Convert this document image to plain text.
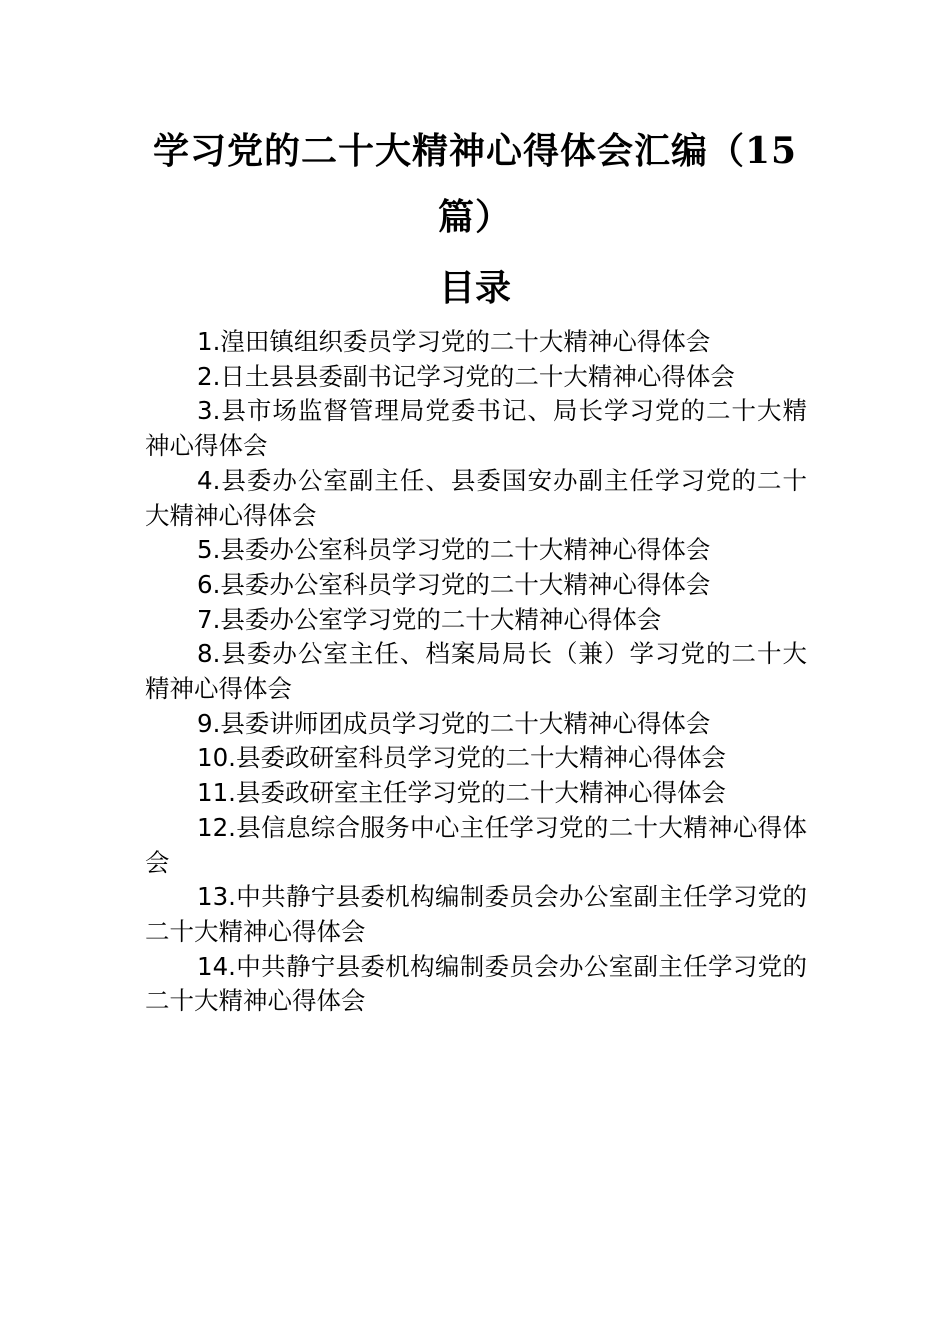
学习党的二十大精神心得体会汇编（15篇）
目录
1.湟田镇组织委员学习党的二十大精神心得体会
2.日土县县委副书记学习党的二十大精神心得体会
3.县市场监督管理局党委书记、局长学习党的二十大精神心得体会
4.县委办公室副主任、县委国安办副主任学习党的二十大精神心得体会
5.县委办公室科员学习党的二十大精神心得体会
6.县委办公室科员学习党的二十大精神心得体会
7.县委办公室学习党的二十大精神心得体会
8.县委办公室主任、档案局局长（兼）学习党的二十大精神心得体会
9.县委讲师团成员学习党的二十大精神心得体会
10.县委政研室科员学习党的二十大精神心得体会
11.县委政研室主任学习党的二十大精神心得体会
12.县信息综合服务中心主任学习党的二十大精神心得体会
13.中共静宁县委机构编制委员会办公室副主任学习党的二十大精神心得体会
14.中共静宁县委机构编制委员会办公室副主任学习党的二十大精神心得体会
